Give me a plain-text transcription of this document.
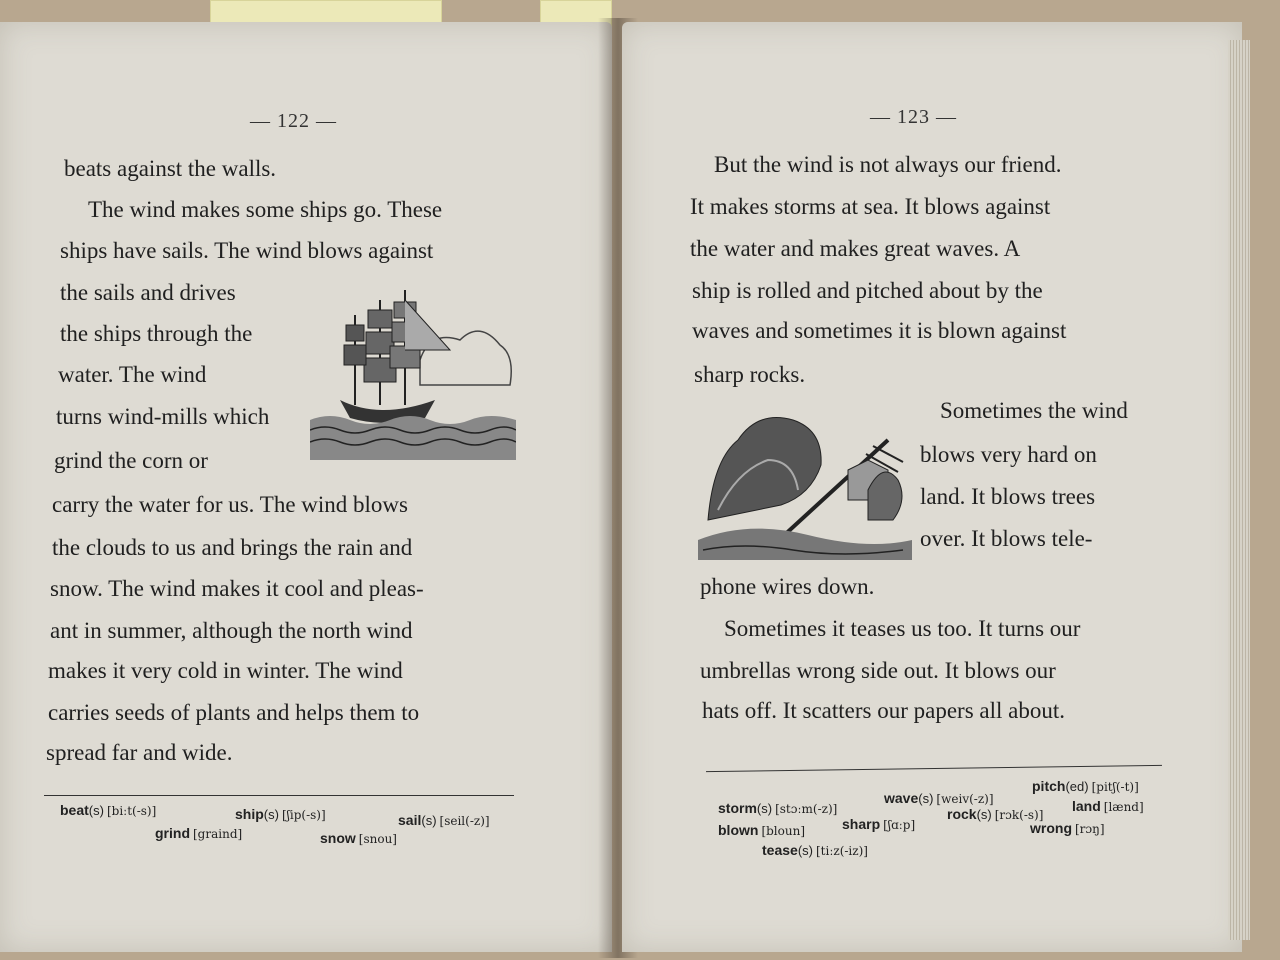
— 122 —
beats against the walls.
The wind makes some ships go. These
ships have sails. The wind blows against
the sails and drives
the ships through the
water. The wind
turns wind-mills which
grind the corn or
carry the water for us. The wind blows
the clouds to us and brings the rain and
snow. The wind makes it cool and pleas-
ant in summer, although the north wind
makes it very cold in winter. The wind
carries seeds of plants and helps them to
spread far and wide.
beat(s) [biːt(-s)]	ship(s) [ʃip(-s)]	sail(s) [seil(-z)]
grind [graind]	snow [snou]
— 123 —
But the wind is not always our friend.
It makes storms at sea. It blows against
the water and makes great waves. A
ship is rolled and pitched about by the
waves and sometimes it is blown against
sharp rocks.
Sometimes the wind
blows very hard on
land. It blows trees
over. It blows tele-
phone wires down.
Sometimes it teases us too. It turns our
umbrellas wrong side out. It blows our
hats off. It scatters our papers all about.
storm(s) [stɔːm(-z)]
wave(s) [weiv(-z)]
pitch(ed) [pitʃ(-t)]
blown [bloun]	sharp [ʃɑːp]
rock(s) [rɔk(-s)]
land [lænd]
wrong [rɔŋ]
tease(s) [tiːz(-iz)]
